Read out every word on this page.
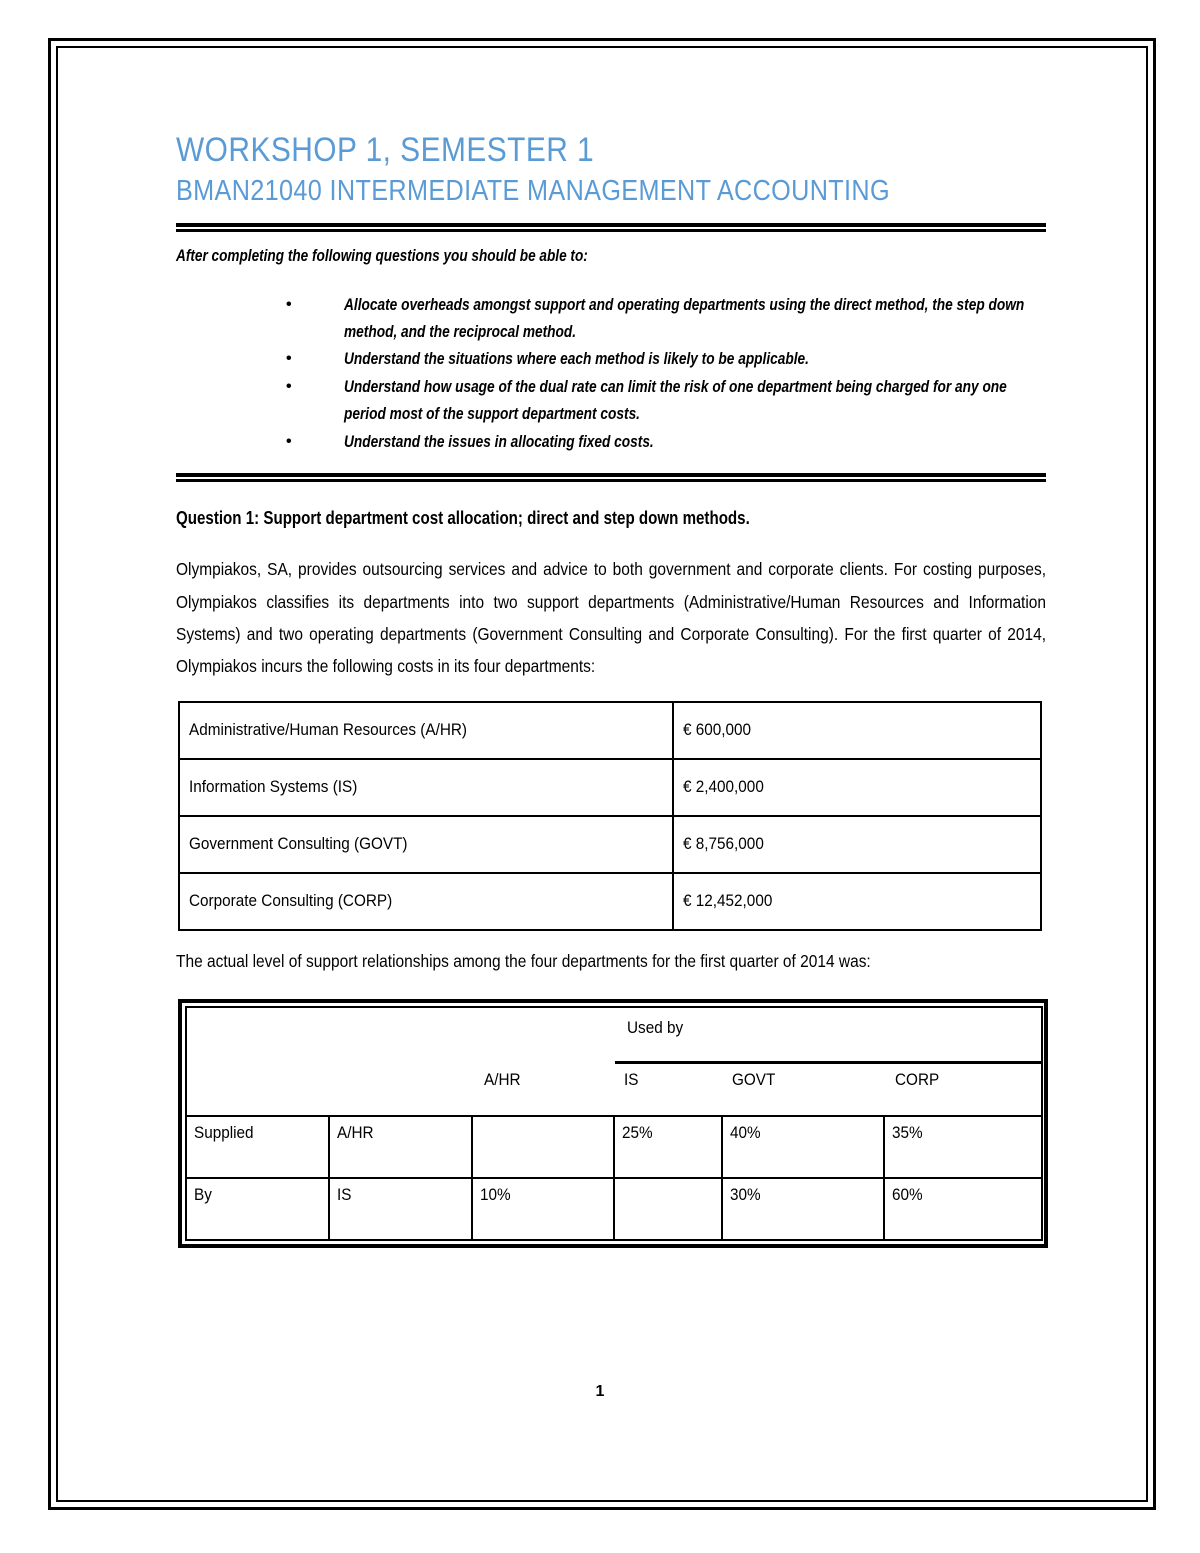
WORKSHOP 1, SEMESTER 1
BMAN21040 INTERMEDIATE MANAGEMENT ACCOUNTING

After completing the following questions you should be able to:

•	Allocate overheads amongst support and operating departments using the direct method, the step down method, and the reciprocal method.
•	Understand the situations where each method is likely to be applicable.
•	Understand how usage of the dual rate can limit the risk of one department being charged for any one period most of the support department costs.
•	Understand the issues in allocating fixed costs.

Question 1: Support department cost allocation; direct and step down methods.

Olympiakos, SA, provides outsourcing services and advice to both government and corporate clients. For costing purposes, Olympiakos classifies its departments into two support departments (Administrative/Human Resources and Information Systems) and two operating departments (Government Consulting and Corporate Consulting). For the first quarter of 2014, Olympiakos incurs the following costs in its four departments:

Administrative/Human Resources (A/HR)	€ 600,000
Information Systems (IS)	€ 2,400,000
Government Consulting (GOVT)	€ 8,756,000
Corporate Consulting (CORP)	€ 12,452,000

The actual level of support relationships among the four departments for the first quarter of 2014 was:

Used by
A/HR IS GOVT CORP					

Supplied	A/HR		25%	40%	35%
By	IS	10%		30%	60%
1
